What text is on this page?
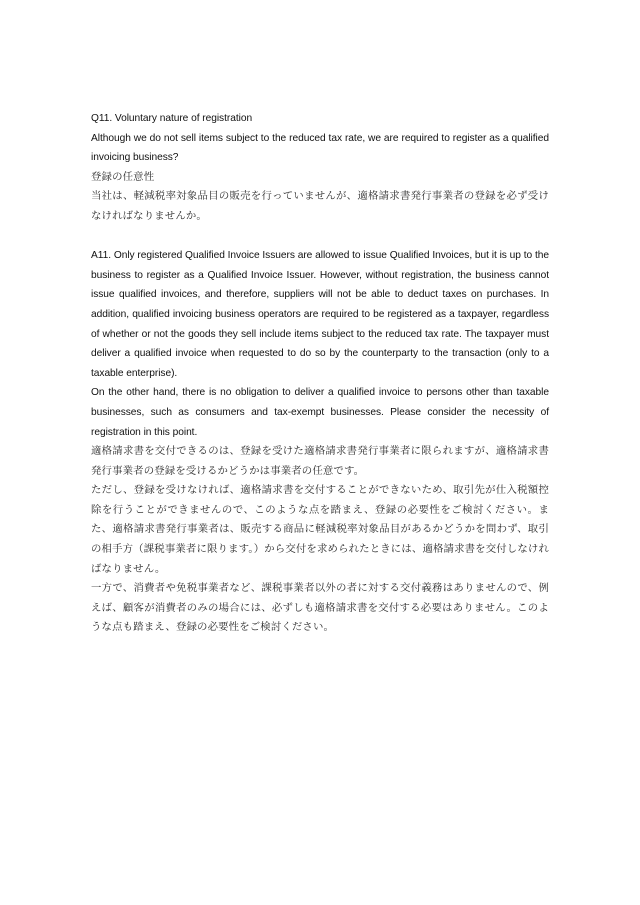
Q11. Voluntary nature of registration

Although we do not sell items subject to the reduced tax rate, we are required to register as a qualified invoicing business?

登録の任意性

当社は、軽減税率対象品目の販売を行っていませんが、適格請求書発行事業者の登録を必ず受けなければなりませんか。

A11. Only registered Qualified Invoice Issuers are allowed to issue Qualified Invoices, but it is up to the business to register as a Qualified Invoice Issuer. However, without registration, the business cannot issue qualified invoices, and therefore, suppliers will not be able to deduct taxes on purchases. In addition, qualified invoicing business operators are required to be registered as a taxpayer, regardless of whether or not the goods they sell include items subject to the reduced tax rate. The taxpayer must deliver a qualified invoice when requested to do so by the counterparty to the transaction (only to a taxable enterprise).

On the other hand, there is no obligation to deliver a qualified invoice to persons other than taxable businesses, such as consumers and tax-exempt businesses. Please consider the necessity of registration in this point.

適格請求書を交付できるのは、登録を受けた適格請求書発行事業者に限られますが、適格請求書発行事業者の登録を受けるかどうかは事業者の任意です。

ただし、登録を受けなければ、適格請求書を交付することができないため、取引先が仕入税額控除を行うことができませんので、このような点を踏まえ、登録の必要性をご検討ください。また、適格請求書発行事業者は、販売する商品に軽減税率対象品目があるかどうかを問わず、取引の相手方（課税事業者に限ります。）から交付を求められたときには、適格請求書を交付しなければなりません。

一方で、消費者や免税事業者など、課税事業者以外の者に対する交付義務はありませんので、例えば、顧客が消費者のみの場合には、必ずしも適格請求書を交付する必要はありません。このような点も踏まえ、登録の必要性をご検討ください。
